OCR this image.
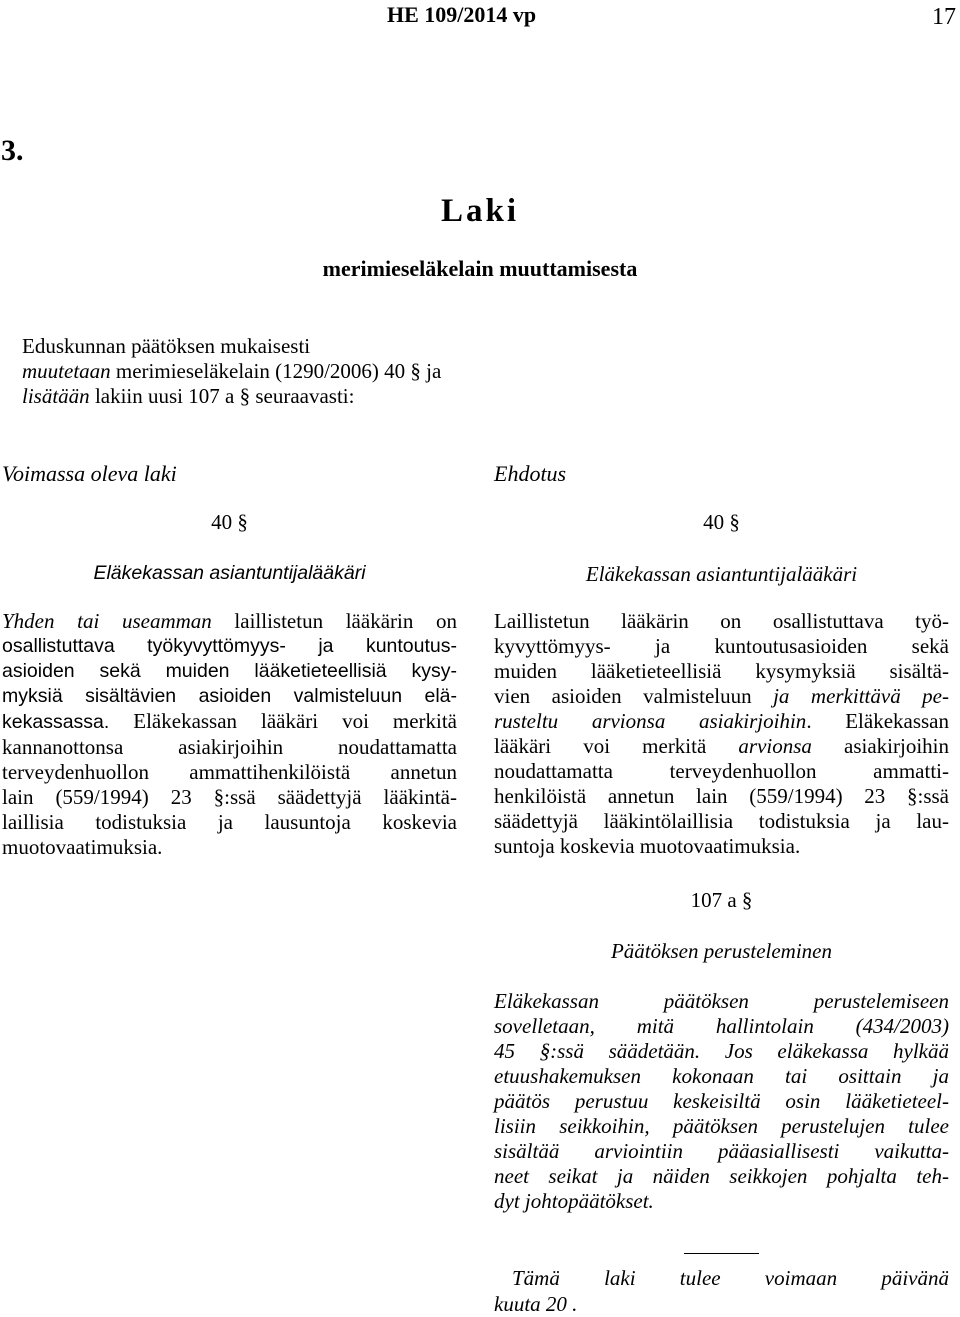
HE 109/2014 vp	17
3.
Laki
merimieseläkelain muuttamisesta
Eduskunnan päätöksen mukaisesti
muutetaan merimieseläkelain (1290/2006) 40 § ja
lisätään lakiin uusi 107 a § seuraavasti:
Voimassa oleva laki	Ehdotus
40 §
Eläkekassan asiantuntijalääkäri
Yhden tai useamman laillistetun lääkärin on
osallistuttava työkyvyttömyys- ja kuntoutus-
asioiden sekä muiden lääketieteellisiä kysy-
myksiä sisältävien asioiden valmisteluun elä-
kekassassa. Eläkekassan lääkäri voi merkitä
kannanottonsa asiakirjoihin noudattamatta
terveydenhuollon ammattihenkilöistä annetun
lain (559/1994) 23 §:ssä säädettyjä lääkintä-
laillisia todistuksia ja lausuntoja koskevia
muotovaatimuksia.
40 §
Eläkekassan asiantuntijalääkäri
Laillistetun lääkärin on osallistuttava työ-
kyvyttömyys- ja kuntoutusasioiden sekä
muiden lääketieteellisiä kysymyksiä sisältä-
vien asioiden valmisteluun ja merkittävä pe-
rusteltu arvionsa asiakirjoihin. Eläkekassan
lääkäri voi merkitä arvionsa asiakirjoihin
noudattamatta terveydenhuollon ammatti-
henkilöistä annetun lain (559/1994) 23 §:ssä
säädettyjä lääkintölaillisia todistuksia ja lau-
suntoja koskevia muotovaatimuksia.
107 a §
Päätöksen perusteleminen
Eläkekassan päätöksen perustelemiseen
sovelletaan, mitä hallintolain (434/2003)
45 §:ssä säädetään. Jos eläkekassa hylkää
etuushakemuksen kokonaan tai osittain ja
päätös perustuu keskeisiltä osin lääketieteel-
lisiin seikkoihin, päätöksen perustelujen tulee
sisältää arviointiin pääasiallisesti vaikutta-
neet seikat ja näiden seikkojen pohjalta teh-
dyt johtopäätökset.
Tämä laki tulee voimaan päivänä
kuuta 20 .
